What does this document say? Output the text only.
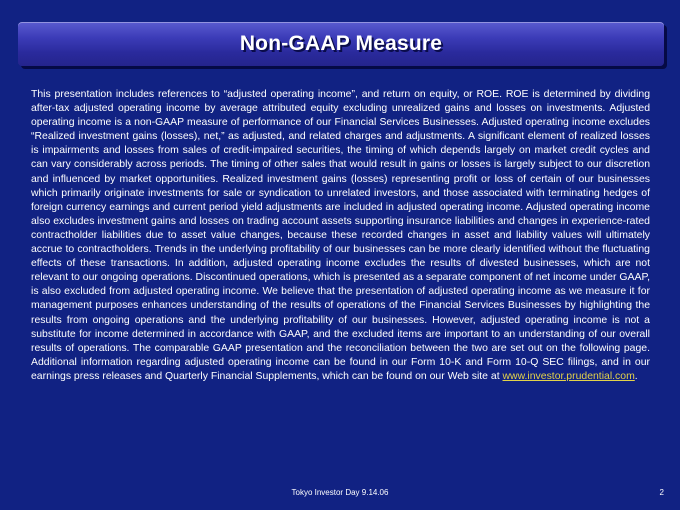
Non-GAAP Measure

This presentation includes references to “adjusted operating income”, and return on equity, or ROE. ROE is determined by dividing after-tax adjusted operating income by average attributed equity excluding unrealized gains and losses on investments. Adjusted operating income is a non-GAAP measure of performance of our Financial Services Businesses. Adjusted operating income excludes “Realized investment gains (losses), net,” as adjusted, and related charges and adjustments. A significant element of realized losses is impairments and losses from sales of credit-impaired securities, the timing of which depends largely on market credit cycles and can vary considerably across periods. The timing of other sales that would result in gains or losses is largely subject to our discretion and influenced by market opportunities. Realized investment gains (losses) representing profit or loss of certain of our businesses which primarily originate investments for sale or syndication to unrelated investors, and those associated with terminating hedges of foreign currency earnings and current period yield adjustments are included in adjusted operating income. Adjusted operating income also excludes investment gains and losses on trading account assets supporting insurance liabilities and changes in experience-rated contractholder liabilities due to asset value changes, because these recorded changes in asset and liability values will ultimately accrue to contractholders. Trends in the underlying profitability of our businesses can be more clearly identified without the fluctuating effects of these transactions. In addition, adjusted operating income excludes the results of divested businesses, which are not relevant to our ongoing operations. Discontinued operations, which is presented as a separate component of net income under GAAP, is also excluded from adjusted operating income. We believe that the presentation of adjusted operating income as we measure it for management purposes enhances understanding of the results of operations of the Financial Services Businesses by highlighting the results from ongoing operations and the underlying profitability of our businesses. However, adjusted operating income is not a substitute for income determined in accordance with GAAP, and the excluded items are important to an understanding of our overall results of operations. The comparable GAAP presentation and the reconciliation between the two are set out on the following page. Additional information regarding adjusted operating income can be found in our Form 10-K and Form 10-Q SEC filings, and in our earnings press releases and Quarterly Financial Supplements, which can be found on our Web site at www.investor.prudential.com.

Tokyo Investor Day 9.14.06	2
